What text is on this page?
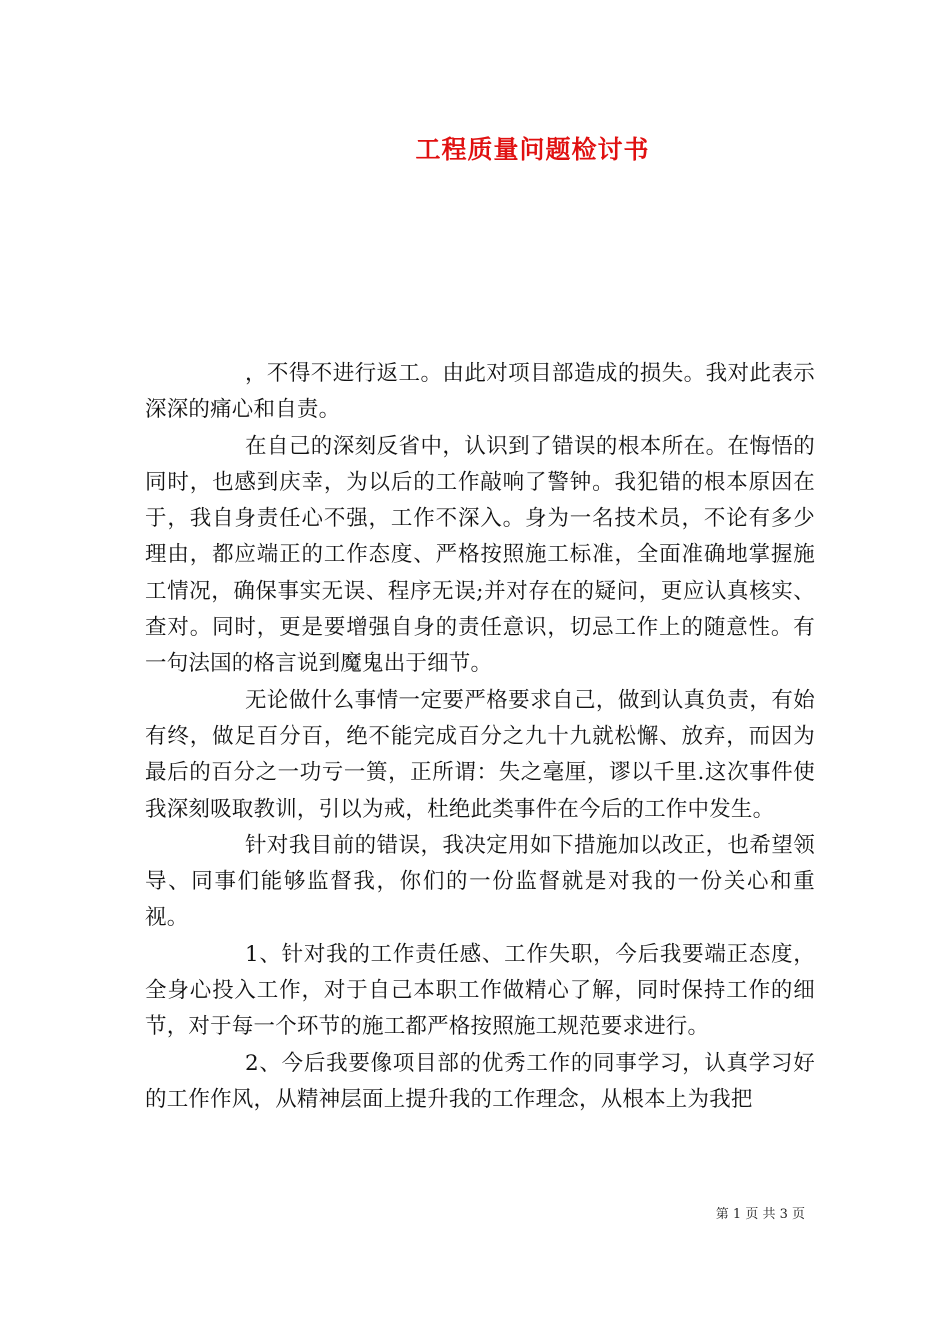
工程质量问题检讨书

，不得不进行返工。由此对项目部造成的损失。我对此表示深深的痛心和自责。

在自己的深刻反省中，认识到了错误的根本所在。在悔悟的同时，也感到庆幸，为以后的工作敲响了警钟。我犯错的根本原因在于，我自身责任心不强，工作不深入。身为一名技术员，不论有多少理由，都应端正的工作态度、严格按照施工标准，全面准确地掌握施工情况，确保事实无误、程序无误;并对存在的疑问，更应认真核实、查对。同时，更是要增强自身的责任意识，切忌工作上的随意性。有一句法国的格言说到魔鬼出于细节。

无论做什么事情一定要严格要求自己，做到认真负责，有始有终，做足百分百，绝不能完成百分之九十九就松懈、放弃，而因为最后的百分之一功亏一篑，正所谓：失之毫厘，谬以千里.这次事件使我深刻吸取教训，引以为戒，杜绝此类事件在今后的工作中发生。

针对我目前的错误，我决定用如下措施加以改正，也希望领导、同事们能够监督我，你们的一份监督就是对我的一份关心和重视。

1、针对我的工作责任感、工作失职，今后我要端正态度，全身心投入工作，对于自己本职工作做精心了解，同时保持工作的细节，对于每一个环节的施工都严格按照施工规范要求进行。

2、今后我要像项目部的优秀工作的同事学习，认真学习好的工作作风，从精神层面上提升我的工作理念，从根本上为我把

第 1 页 共 3 页
